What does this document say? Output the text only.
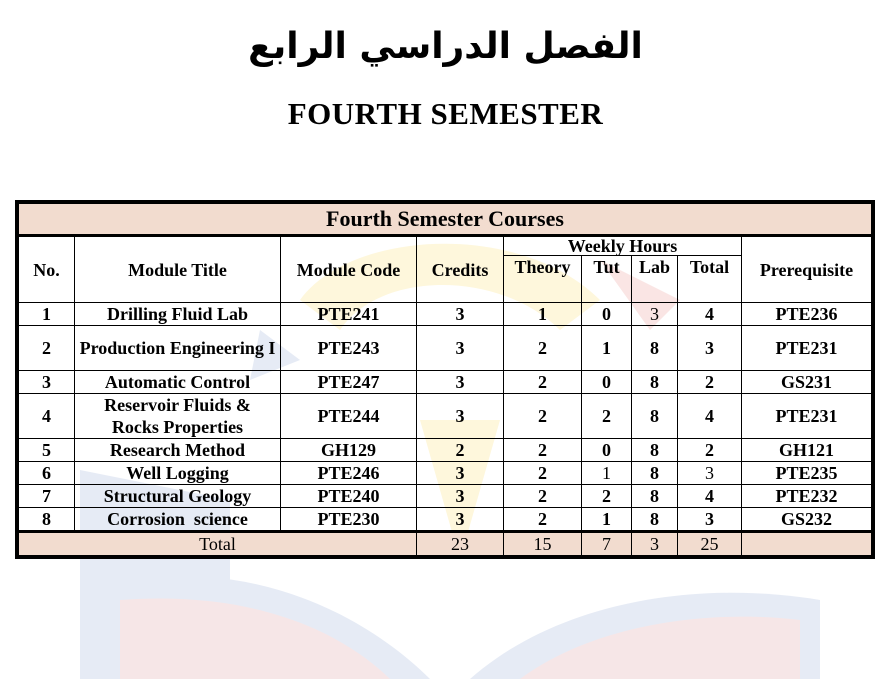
الفصل الدراسي الرابع
FOURTH SEMESTER
Fourth Semester Courses								
No.	Module Title	Module Code	Credits	Weekly Hours				Prerequisite
				Theory	Tut	Lab	Total	
1	Drilling Fluid Lab	PTE241	3	1	0	3	4	PTE236
2	Production Engineering I	PTE243	3	2	1	8	3	PTE231
3	Automatic Control	PTE247	3	2	0	8	2	GS231
4	Reservoir Fluids & Rocks Properties	PTE244	3	2	2	8	4	PTE231
5	Research Method	GH129	2	2	0	8	2	GH121
6	Well Logging	PTE246	3	2	1	8	3	PTE235
7	Structural Geology	PTE240	3	2	2	8	4	PTE232
8	Corrosion  science	PTE230	3	2	1	8	3	GS232
Total			23	15	7	3	25	
